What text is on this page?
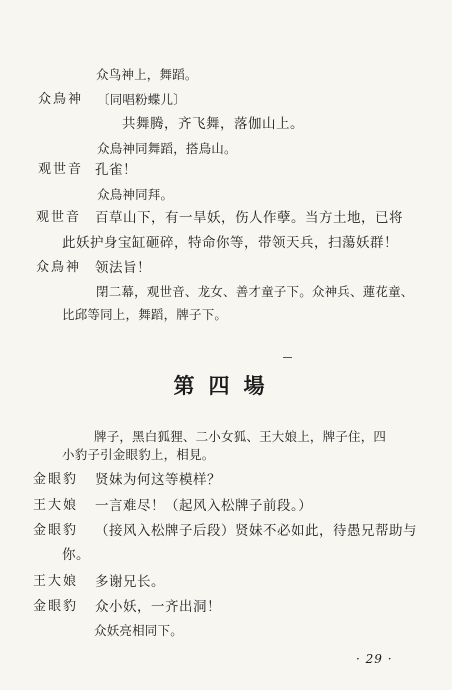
众鸟神上，舞蹈。
众鳥神 〔同唱粉蝶儿〕
共舞腾，齐飞舞，落伽山上。
众鳥神同舞蹈，搭鳥山。
观世音 孔雀！
众鳥神同拜。
观世音 百草山下，有一旱妖，伤人作孽。当方土地，已将
此妖护身宝缸砸碎，特命你等，带领天兵，扫蕩妖群！
众鳥神 领法旨！
閉二幕，观世音、龙女、善才童子下。众神兵、蓮花童、
比邱等同上，舞蹈，牌子下。
第四場
牌子，黑白狐狸、二小女狐、王大娘上，牌子住，四
小豹子引金眼豹上，相見。
金眼豹 贤妹为何这等模样？
王大娘 一言难尽！（起风入松牌子前段。）
金眼豹 （接风入松牌子后段）贤妹不必如此，待愚兄帮助与
你。
王大娘 多谢兄长。
金眼豹 众小妖，一齐出洞！
众妖亮相同下。
· 29 ·
